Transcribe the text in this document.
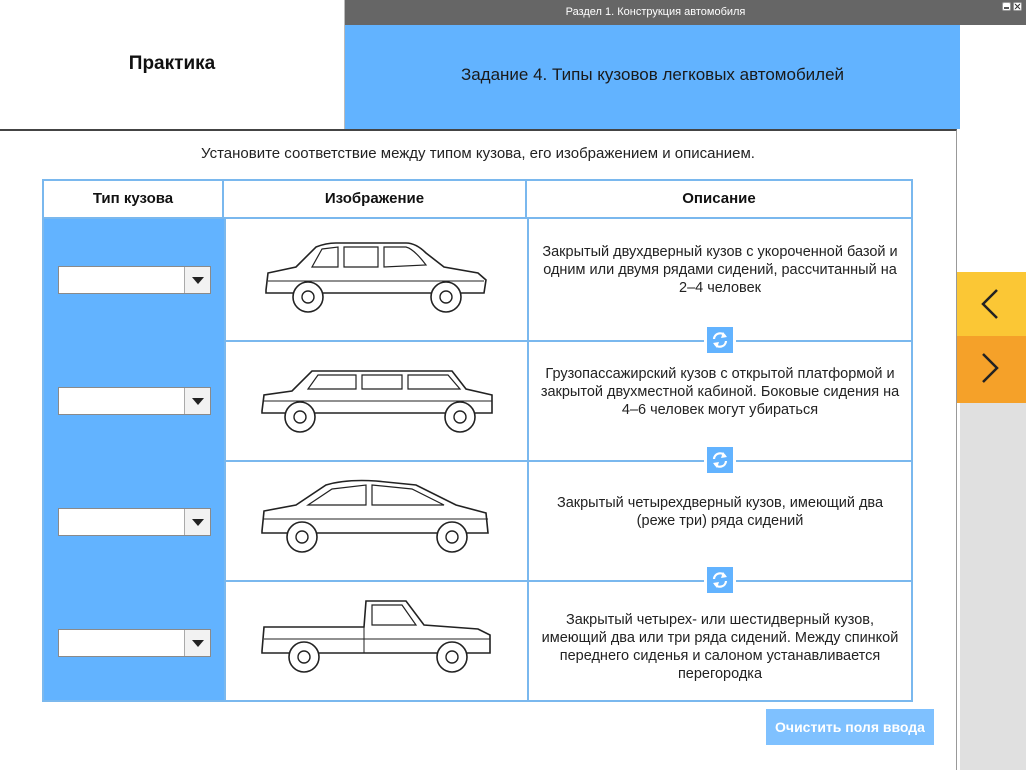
Практика
Раздел 1. Конструкция автомобиля
Задание 4. Типы кузовов легковых автомобилей
Установите соответствие между типом кузова, его изображением и описанием.
Тип кузова	Изображение	Описание
Закрытый двухдверный кузов с укороченной базой и одним или двумя рядами сидений, рассчитанный на 2–4 человек
Грузопассажирский кузов с открытой платформой и закрытой двухместной кабиной. Боковые сидения на 4–6 человек могут убираться
Закрытый четырехдверный кузов, имеющий два (реже три) ряда сидений
Закрытый четырех- или шестидверный кузов, имеющий два или три ряда сидений. Между спинкой переднего сиденья и салоном устанавливается перегородка
Очистить поля ввода
